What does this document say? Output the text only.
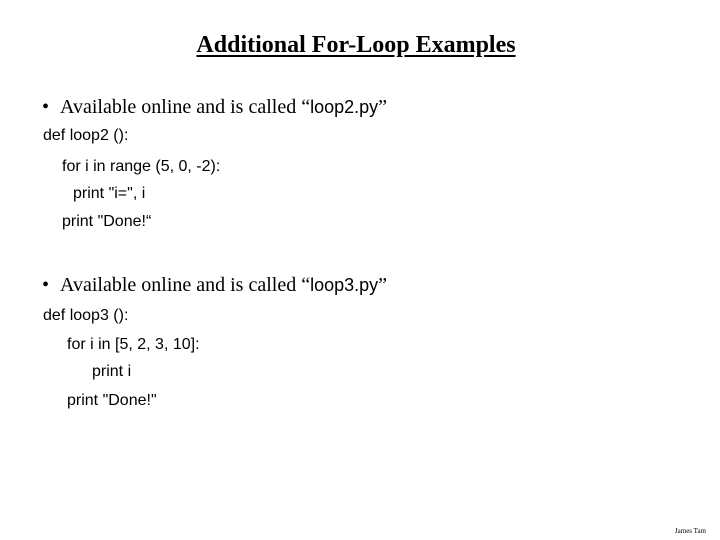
Additional For-Loop Examples
• Available online and is called “loop2.py”
def loop2 ():
for i in range (5, 0, -2):
print "i=", i
print "Done!“
• Available online and is called “loop3.py”
def loop3 ():
for i in [5, 2, 3, 10]:
print i
print "Done!"
James Tam
